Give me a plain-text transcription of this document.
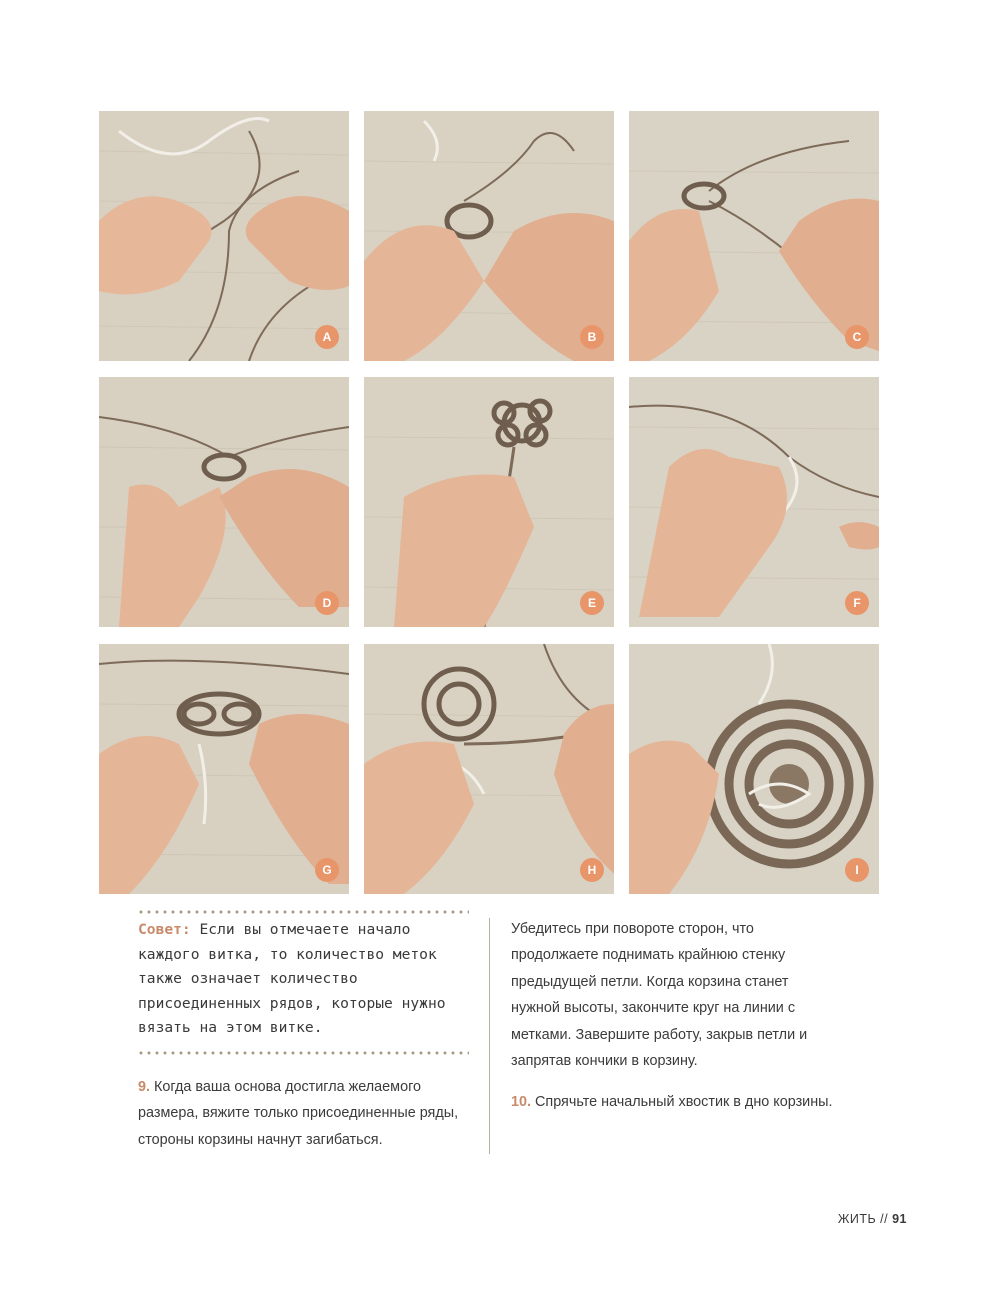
A	B	C
D	E	F
G	H	I
Совет: Если вы отмечаете начало каждого витка, то количество меток также означает количество присоединенных рядов, которые нужно вязать на этом витке.
9. Когда ваша основа достигла желаемого размера, вяжите только присоединенные ряды, стороны корзины начнут загибаться.
Убедитесь при повороте сторон, что продолжаете поднимать крайнюю стенку предыдущей петли. Когда корзина станет нужной высоты, закончите круг на линии с метками. Завершите работу, закрыв петли и запрятав кончики в корзину.
10. Спрячьте начальный хвостик в дно корзины.
ЖИТЬ // 91
